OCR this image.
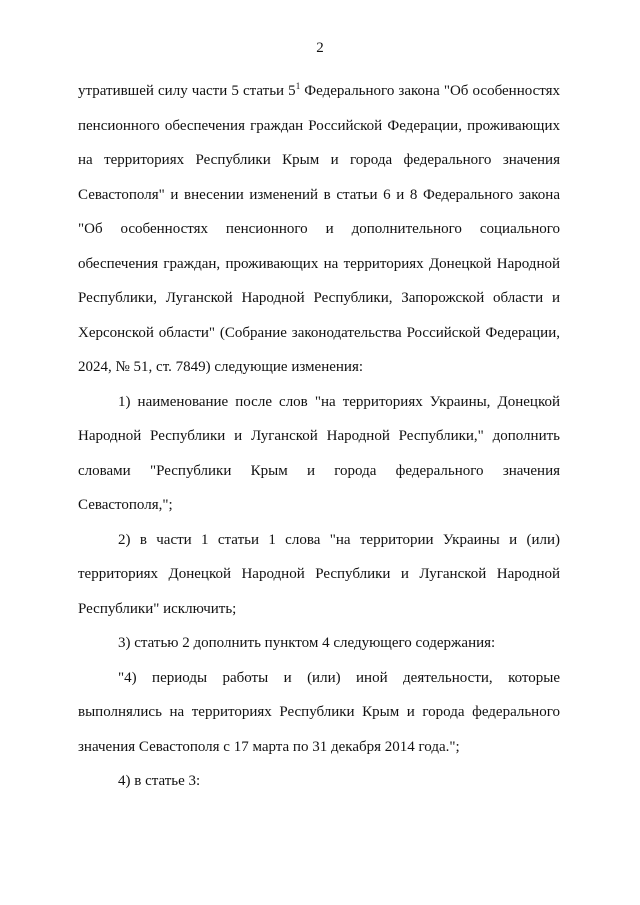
2

утратившей силу части 5 статьи $5^1$ Федерального закона "Об особенностях пенсионного обеспечения граждан Российской Федерации, проживающих на территориях Республики Крым и города федерального значения Севастополя" и внесении изменений в статьи 6 и 8 Федерального закона "Об особенностях пенсионного и дополнительного социального обеспечения граждан, проживающих на территориях Донецкой Народной Республики, Луганской Народной Республики, Запорожской области и Херсонской области" (Собрание законодательства Российской Федерации, 2024, № 51, ст. 7849) следующие изменения:

1) наименование после слов "на территориях Украины, Донецкой Народной Республики и Луганской Народной Республики," дополнить словами "Республики Крым и города федерального значения Севастополя,";

2) в части 1 статьи 1 слова "на территории Украины и (или) территориях Донецкой Народной Республики и Луганской Народной Республики" исключить;

3) статью 2 дополнить пунктом 4 следующего содержания:

"4) периоды работы и (или) иной деятельности, которые выполнялись на территориях Республики Крым и города федерального значения Севастополя с 17 марта по 31 декабря 2014 года.";

4) в статье 3:
